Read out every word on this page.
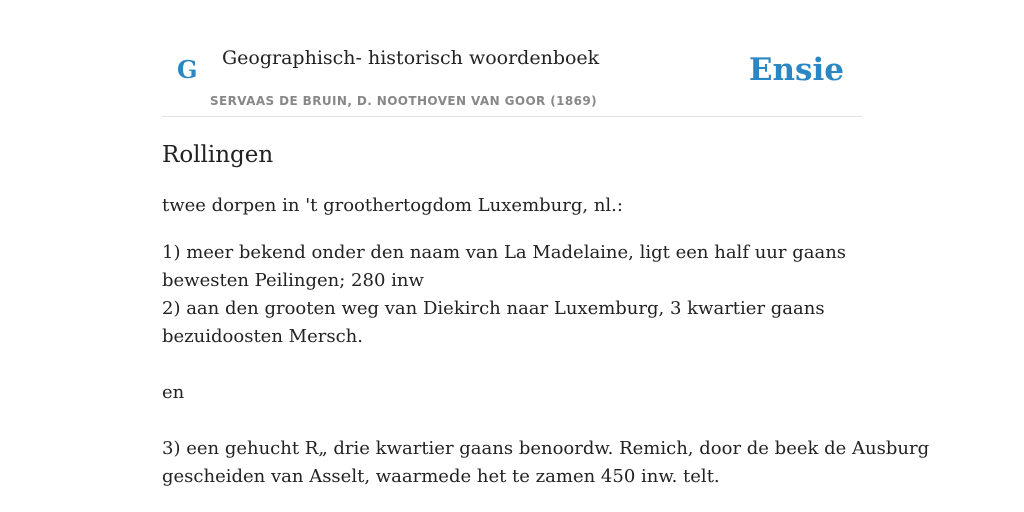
G Geographisch- historisch woordenboek
SERVAAS DE BRUIN, D. NOOTHOVEN VAN GOOR (1869)
Ensie
Rollingen
twee dorpen in 't groothertogdom Luxemburg, nl.:
1) meer bekend onder den naam van La Madelaine, ligt een half uur gaans
bewesten Peilingen; 280 inw
2) aan den grooten weg van Diekirch naar Luxemburg, 3 kwartier gaans
bezuidoosten Mersch.
en
3) een gehucht R„ drie kwartier gaans benoordw. Remich, door de beek de Ausburg
gescheiden van Asselt, waarmede het te zamen 450 inw. telt.
